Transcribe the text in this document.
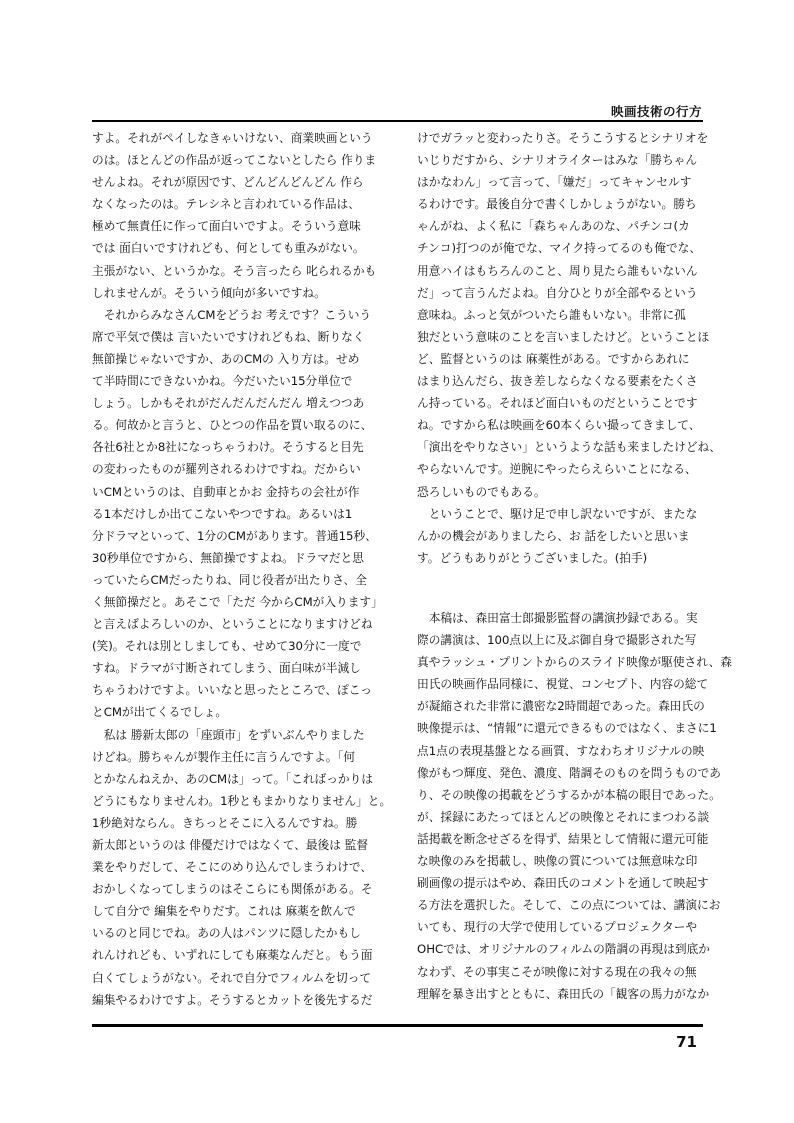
映画技術の行方
すよ。それがペイしなきゃいけない、商業映画という
のは。ほとんどの作品が返ってこないとしたら 作りま
せんよね。それが原因です、どんどんどんどん 作ら
なくなったのは。テレシネと言われている作品は、
極めて無責任に作って面白いですよ。そういう意味
では 面白いですけれども、何としても重みがない。
主張がない、というかな。そう言ったら 叱られるかも
しれませんが。そういう傾向が多いですね。
　それからみなさんCMをどうお 考えです？こういう
席で平気で僕は 言いたいですけれどもね、断りなく
無節操じゃないですか、あのCMの 入り方は。せめ
て半時間にできないかね。今だいたい15分単位で
しょう。しかもそれがだんだんだんだん 増えつつあ
る。何故かと言うと、ひとつの作品を買い取るのに、
各社6社とか8社になっちゃうわけ。そうすると目先
の変わったものが羅列されるわけですね。だからい
いCMというのは、自動車とかお 金持ちの会社が作
る1本だけしか出てこないやつですね。あるいは1
分ドラマといって、1分のCMがあります。普通15秒、
30秒単位ですから、無節操ですよね。ドラマだと思
っていたらCMだったりね、同じ役者が出たりさ、全
く無節操だと。あそこで「ただ 今からCMが入ります」
と言えばよろしいのか、ということになりますけどね
(笑)。それは別としましても、せめて30分に一度で
すね。ドラマが寸断されてしまう、面白味が半減し
ちゃうわけですよ。いいなと思ったところで、ぽこっ
とCMが出てくるでしょ。
　私は 勝新太郎の「座頭市」をずいぶんやりました
けどね。勝ちゃんが製作主任に言うんですよ。「何
とかなんねえか、あのCMは」って。「こればっかりは
どうにもなりませんわ。1秒ともまかりなりません」と。
1秒絶対ならん。きちっとそこに入るんですね。勝
新太郎というのは 俳優だけではなくて、最後は 監督
業をやりだして、そこにのめり込んでしまうわけで、
おかしくなってしまうのはそこらにも関係がある。そ
して自分で 編集をやりだす。これは 麻薬を飲んで
いるのと同じでね。あの人はパンツに隠したかもし
れんけれども、いずれにしても麻薬なんだと。もう面
白くてしょうがない。それで自分でフィルムを切って
編集やるわけですよ。そうするとカットを後先するだ
けでガラッと変わったりさ。そうこうするとシナリオを
いじりだすから、シナリオライターはみな「勝ちゃん
はかなわん」って言って、「嫌だ」ってキャンセルす
るわけです。最後自分で書くしかしょうがない。勝ち
ゃんがね、よく私に「森ちゃんあのな、パチンコ(カ
チンコ)打つのが俺でな、マイク持ってるのも俺でな、
用意ハイはもちろんのこと、周り見たら誰もいないん
だ」って言うんだよね。自分ひとりが全部やるという
意味ね。ふっと気がついたら誰もいない。非常に孤
独だという意味のことを言いましたけど。ということほ
ど、監督というのは 麻薬性がある。ですからあれに
はまり込んだら、抜き差しならなくなる要素をたくさ
ん持っている。それほど面白いものだということです
ね。ですから私は映画を60本くらい撮ってきまして、
「演出をやりなさい」というような話も来ましたけどね、
やらないんです。逆腕にやったらえらいことになる、
恐ろしいものでもある。
　ということで、駆け足で申し訳ないですが、またな
んかの機会がありましたら、お 話をしたいと思いま
す。どうもありがとうございました。(拍手)
　本稿は、森田富士郎撮影監督の講演抄録である。実
際の講演は、100点以上に及ぶ御自身で撮影された写
真やラッシュ・プリントからのスライド映像が駆使され、森
田氏の映画作品同様に、視覚、コンセプト、内容の総て
が凝縮された非常に濃密な2時間超であった。森田氏の
映像提示は、“情報”に還元できるものではなく、まさに1
点1点の表現基盤となる画質、すなわちオリジナルの映
像がもつ輝度、発色、濃度、階調そのものを問うものであ
り、その映像の掲載をどうするかが本稿の眼目であった。
が、採録にあたってほとんどの映像とそれにまつわる談
話掲載を断念せざるを得ず、結果として情報に還元可能
な映像のみを掲載し、映像の質については無意味な印
刷画像の提示はやめ、森田氏のコメントを通して映起す
る方法を選択した。そして、この点については、講演にお
いても、現行の大学で使用しているプロジェクターや
OHCでは、オリジナルのフィルムの階調の再現は到底か
なわず、その事実こそが映像に対する現在の我々の無
理解を暴き出すとともに、森田氏の「観客の馬力がなか
71
